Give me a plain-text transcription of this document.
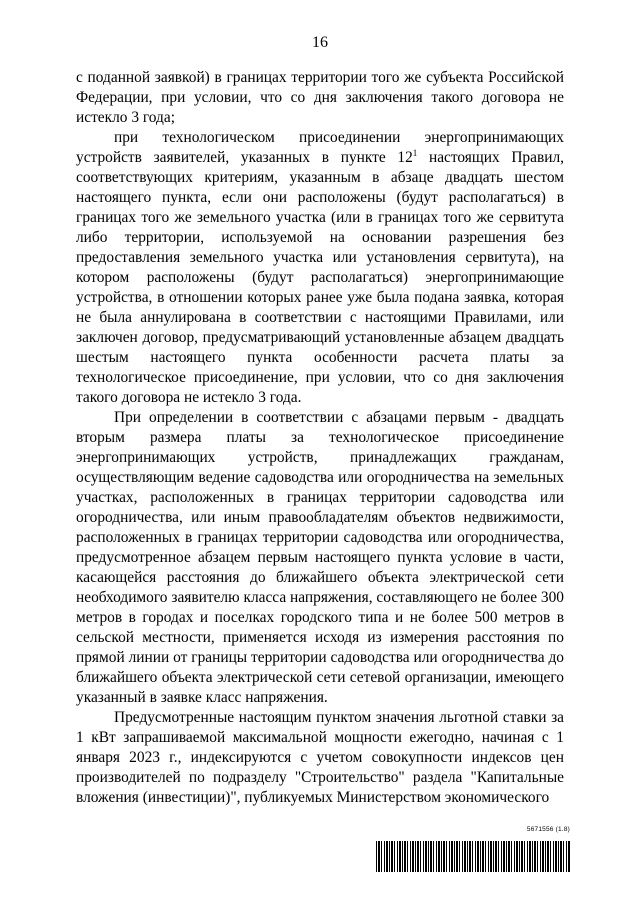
16

с поданной заявкой) в границах территории того же субъекта Российской Федерации, при условии, что со дня заключения такого договора не истекло 3 года;

при технологическом присоединении энергопринимающих устройств заявителей, указанных в пункте $12^1$ настоящих Правил, соответствующих критериям, указанным в абзаце двадцать шестом настоящего пункта, если они расположены (будут располагаться) в границах того же земельного участка (или в границах того же сервитута либо территории, используемой на основании разрешения без предоставления земельного участка или установления сервитута), на котором расположены (будут располагаться) энергопринимающие устройства, в отношении которых ранее уже была подана заявка, которая не была аннулирована в соответствии с настоящими Правилами, или заключен договор, предусматривающий установленные абзацем двадцать шестым настоящего пункта особенности расчета платы за технологическое присоединение, при условии, что со дня заключения такого договора не истекло 3 года.

При определении в соответствии с абзацами первым - двадцать вторым размера платы за технологическое присоединение энергопринимающих устройств, принадлежащих гражданам, осуществляющим ведение садоводства или огородничества на земельных участках, расположенных в границах территории садоводства или огородничества, или иным правообладателям объектов недвижимости, расположенных в границах территории садоводства или огородничества, предусмотренное абзацем первым настоящего пункта условие в части, касающейся расстояния до ближайшего объекта электрической сети необходимого заявителю класса напряжения, составляющего не более 300 метров в городах и поселках городского типа и не более 500 метров в сельской местности, применяется исходя из измерения расстояния по прямой линии от границы территории садоводства или огородничества до ближайшего объекта электрической сети сетевой организации, имеющего указанный в заявке класс напряжения.

Предусмотренные настоящим пунктом значения льготной ставки за 1 кВт запрашиваемой максимальной мощности ежегодно, начиная с 1 января 2023 г., индексируются с учетом совокупности индексов цен производителей по подразделу "Строительство" раздела "Капитальные вложения (инвестиции)", публикуемых Министерством экономического

5671556 (1.8)
